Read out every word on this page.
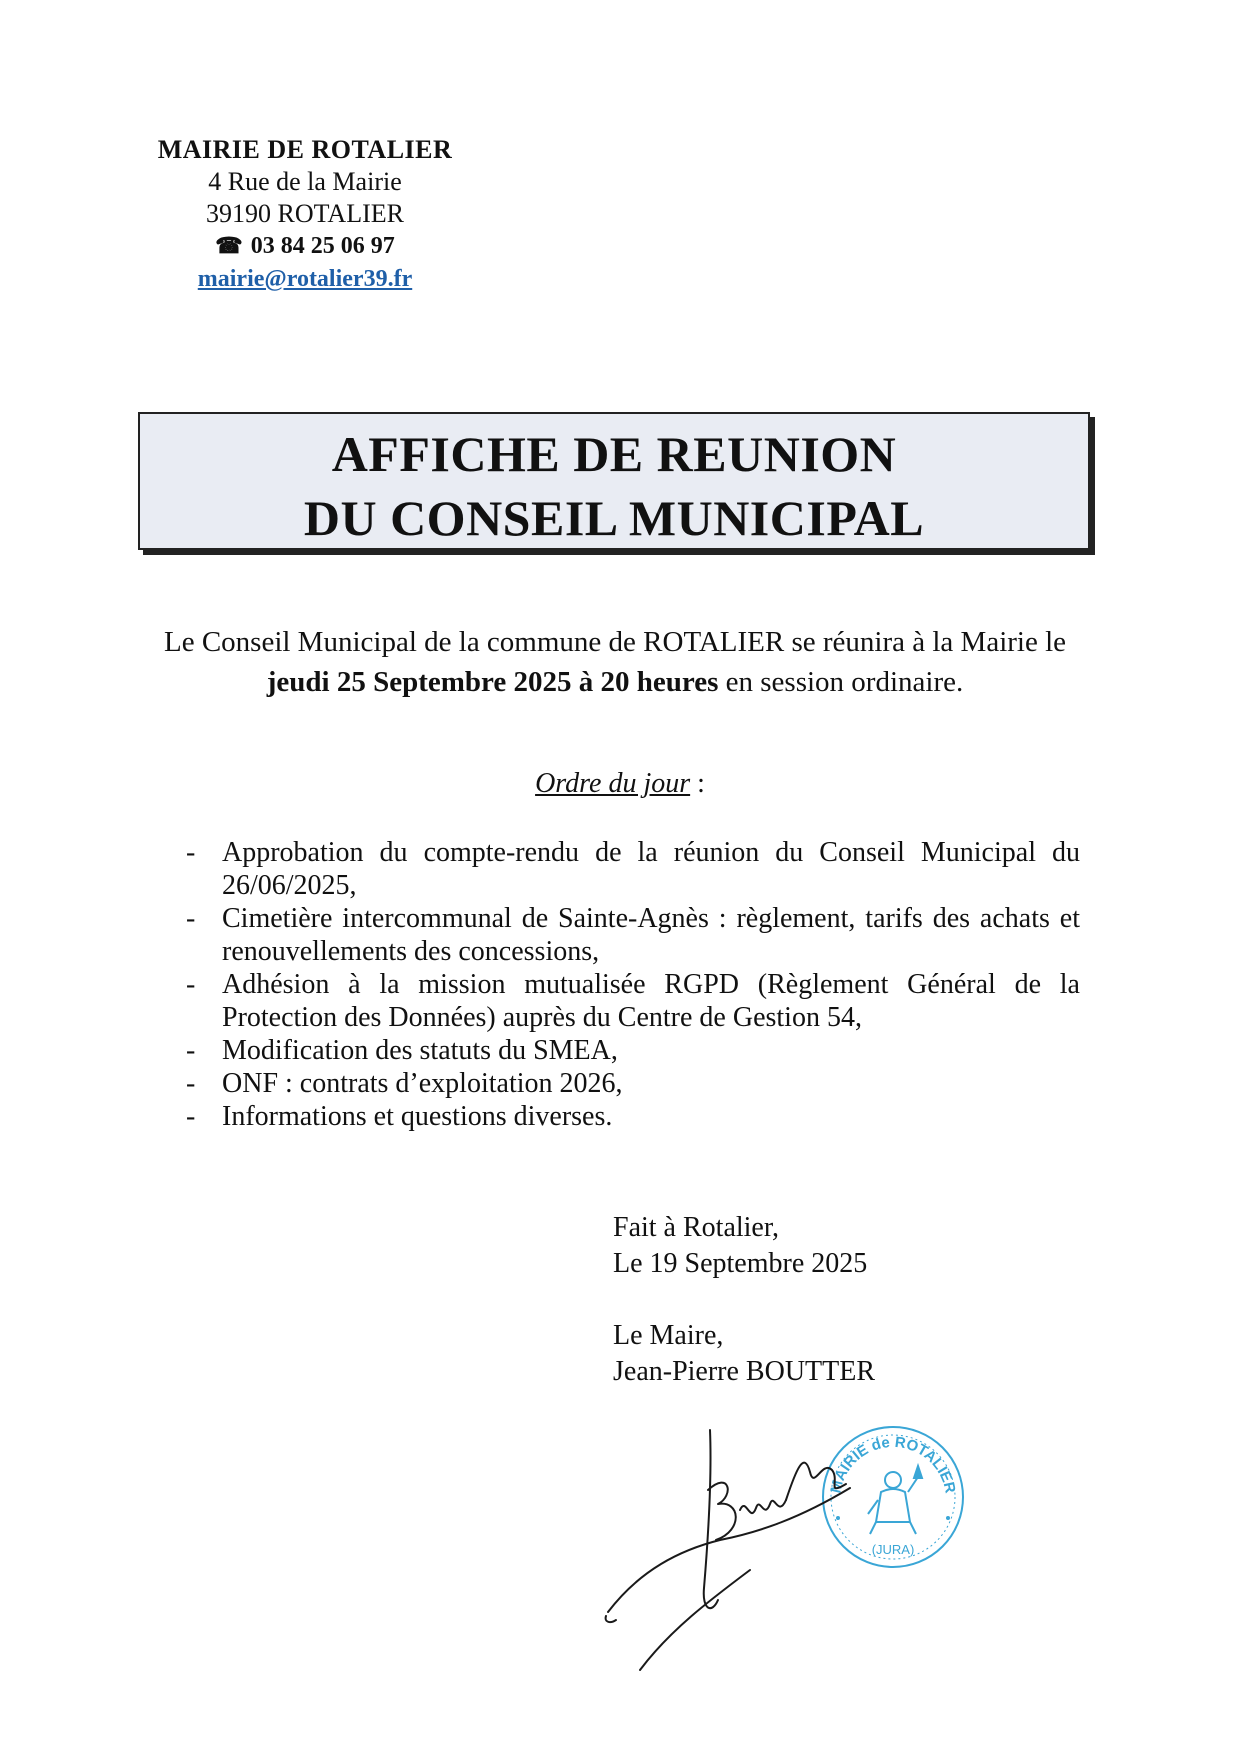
MAIRIE DE ROTALIER
4 Rue de la Mairie
39190 ROTALIER
☎ 03 84 25 06 97
mairie@rotalier39.fr
AFFICHE DE REUNION
DU CONSEIL MUNICIPAL
Le Conseil Municipal de la commune de ROTALIER se réunira à la Mairie le jeudi 25 Septembre 2025 à 20 heures en session ordinaire.
Ordre du jour :
- Approbation du compte-rendu de la réunion du Conseil Municipal du 26/06/2025,
- Cimetière intercommunal de Sainte-Agnès : règlement, tarifs des achats et renouvellements des concessions,
- Adhésion à la mission mutualisée RGPD (Règlement Général de la Protection des Données) auprès du Centre de Gestion 54,
- Modification des statuts du SMEA,
- ONF : contrats d’exploitation 2026,
- Informations et questions diverses.
Fait à Rotalier,
Le 19 Septembre 2025
Le Maire,
Jean-Pierre BOUTTER
MAIRIE de ROTALIER
(JURA)
